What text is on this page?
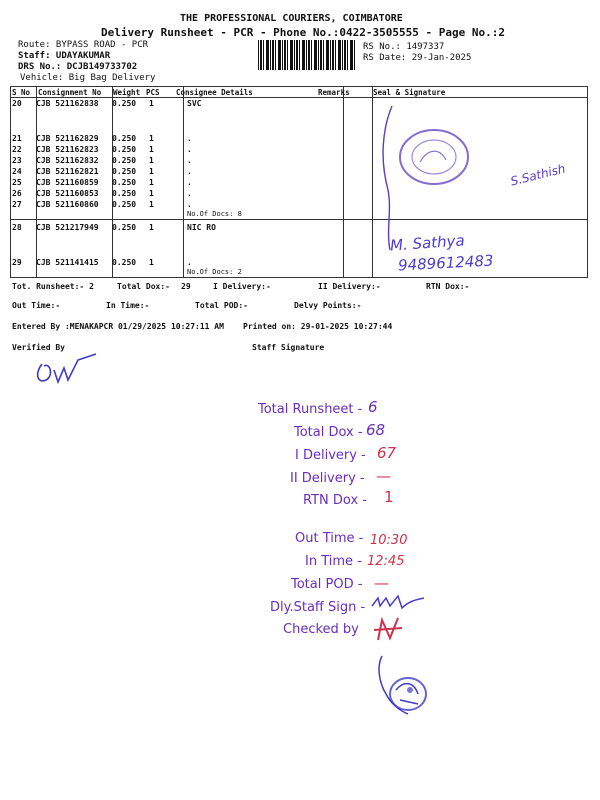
THE PROFESSIONAL COURIERS, COIMBATORE
Delivery Runsheet - PCR - Phone No.:0422-3505555 - Page No.:2
Route: BYPASS ROAD - PCR
Staff: UDAYAKUMAR
DRS No.: DCJB149733702
Vehicle: Big Bag Delivery
RS No.: 1497337
RS Date: 29-Jan-2025
S No Consignment No Weight PCS Consignee Details	Remarks	Seal & Signature
20 CJB 521162838 0.250 1	SVC
21 CJB 521162829 0.250 1	.
22 CJB 521162823 0.250 1	.
23 CJB 521162832 0.250 1	.
24 CJB 521162821 0.250 1	.
25 CJB 521160859 0.250 1	.
26 CJB 521160853 0.250 1	.
27 CJB 521160860 0.250 1	.
No.Of Docs: 8
28 CJB 521217949 0.250 1	NIC RO
29 CJB 521141415 0.250 1	.
No.Of Docs: 2
S.Sathish
M. Sathya
9489612483
Tot. Runsheet:- 2	Total Dox:- 29	I Delivery:-	II Delivery:-	RTN Dox:-
Out Time:-	In Time:-	Total POD:-	Delvy Points:-
Entered By :MENAKAPCR 01/29/2025 10:27:11 AM Printed on: 29-01-2025 10:27:44
Verified By	Staff Signature
Total Runsheet - 6
Total Dox - 68
I Delivery - 67
II Delivery - —
RTN Dox - 1
Out Time - 10:30
In Time - 12:45
Total POD - —
Dly.Staff Sign -
Checked by
